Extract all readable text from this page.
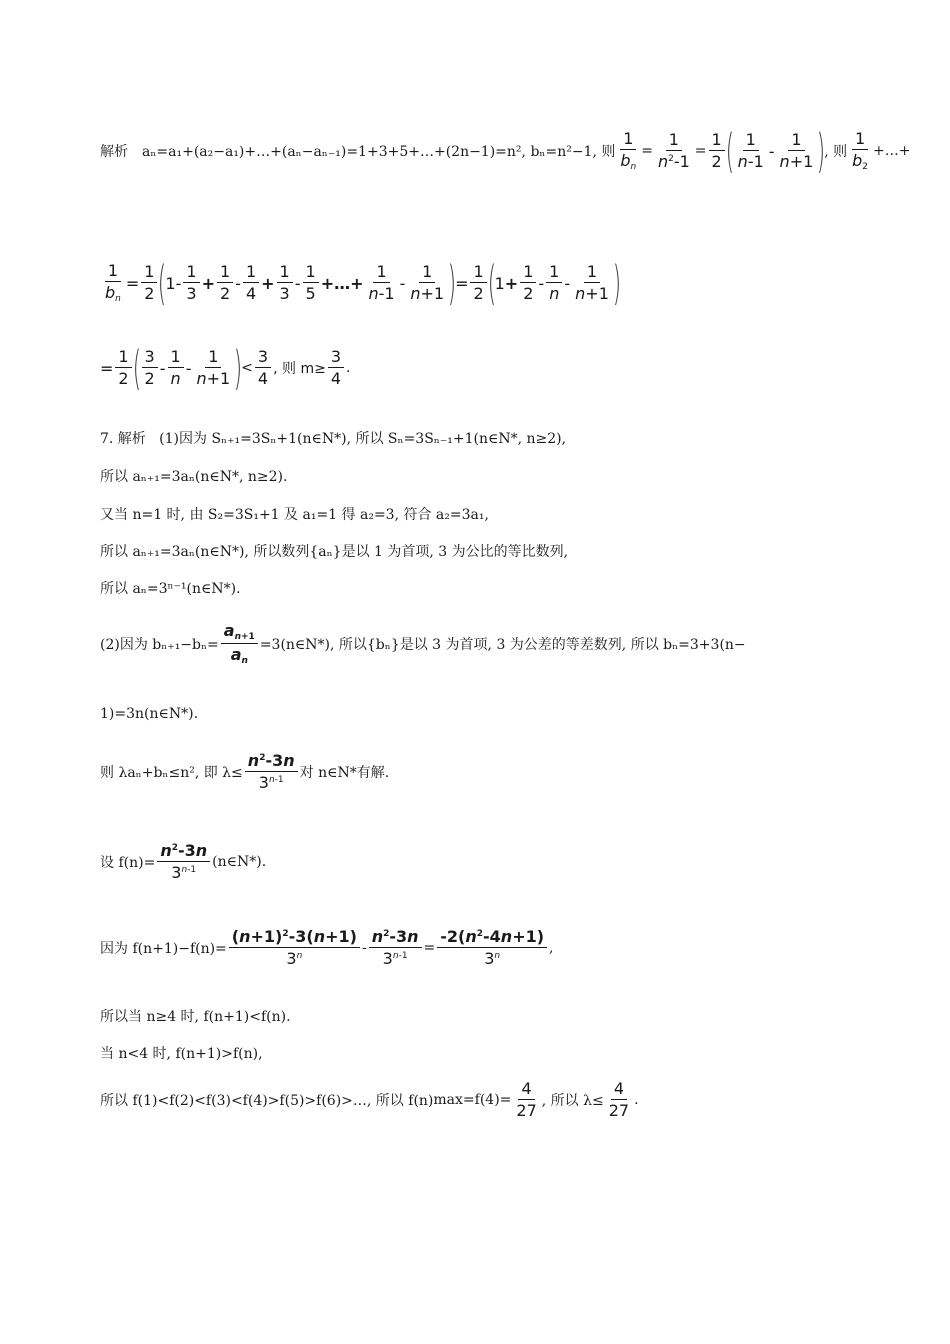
解析 aₙ=a₁+(a₂−a₁)+…+(aₙ−aₙ₋₁)=1+3+5+…+(2n−1)=n², bₙ=n²−1, 则 $\frac{1}{b_n} = \frac{1}{n^2-1} = \frac{1}{2}$ ( $\frac{1}{n-1} - \frac{1}{n+1}$ )
, 则 $\frac{1}{b_2}$ +…+
$\frac{1}{b_n} = \frac{1}{2}$ (
$1- \frac{1}{3} + \frac{1}{2} - \frac{1}{4} + \frac{1}{3} - \frac{1}{5}$ +…+ $\frac{1}{n-1} - \frac{1}{n+1}$ )
= $\frac{1}{2}$ (
$1 + \frac{1}{2} - \frac{1}{n} - \frac{1}{n+1}$ )
= $\frac{1}{2}$ ( $\frac{3}{2} - \frac{1}{n} - \frac{1}{n+1}$ )
< $\frac{3}{4}$ , 则 $m\ge \frac{3}{4}$ .
7. 解析   (1)因为 Sₙ₊₁=3Sₙ+1(n∈N*), 所以 Sₙ=3Sₙ₋₁+1(n∈N*, n≥2),
所以 aₙ₊₁=3aₙ(n∈N*, n≥2).
又当 n=1 时, 由 S₂=3S₁+1 及 a₁=1 得 a₂=3, 符合 a₂=3a₁,
所以 aₙ₊₁=3aₙ(n∈N*), 所以数列{aₙ}是以 1 为首项, 3 为公比的等比数列,
所以 aₙ=3ⁿ⁻¹(n∈N*).
(2)因为 $b_{n+1}-b_n= \frac{a_{n+1}}{a_n}$ =3(n∈N*), 所以{bₙ}是以 3 为首项, 3 为公差的等差数列, 所以 bₙ=3+3(n−
1)=3n(n∈N*).
则 λaₙ+bₙ≤n², 即 $\lambda\le \frac{n^2-3n}{3^{n-1}}$ 对 n∈N*有解.
设 $f(n)= \frac{n^2-3n}{3^{n-1}}$ (n∈N*).
因为 $f(n+1)-f(n)= \frac{(n+1)^2-3(n+1)}{3^n} - \frac{n^2-3n}{3^{n-1}} = \frac{-2(n^2-4n+1)}{3^n}$ ,
所以当 n≥4 时, f(n+1)<f(n).
当 n<4 时, f(n+1)>f(n),
所以 f(1)<f(2)<f(3)<f(4)>f(5)>f(6)>…, 所以 f(n) $\max =f(4)= \frac{4}{27}$ , 所以 $\lambda\le \frac{4}{27}$ .
